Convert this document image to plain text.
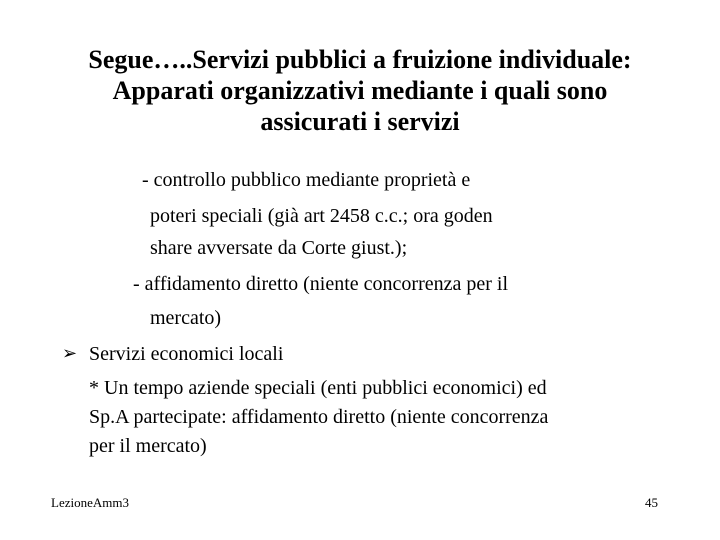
Segue…..Servizi pubblici a fruizione individuale:
Apparati organizzativi mediante i quali sono
assicurati i servizi
- controllo pubblico mediante proprietà e
poteri speciali (già art 2458 c.c.; ora goden
share avversate da Corte giust.);
- affidamento diretto (niente concorrenza per il
mercato)
➢ Servizi economici locali
* Un tempo aziende speciali (enti pubblici economici) ed
Sp.A partecipate: affidamento diretto (niente concorrenza
per il mercato)
LezioneAmm3	45
